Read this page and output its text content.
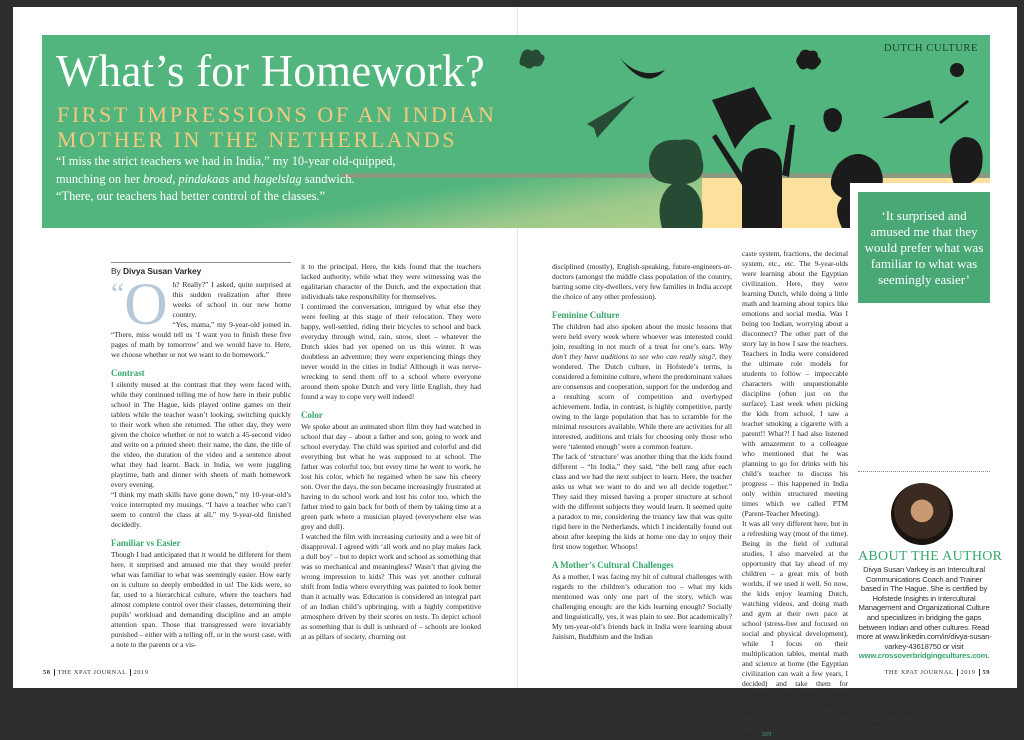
DUTCH CULTURE
What’s for Homework?
FIRST IMPRESSIONS OF AN INDIAN
MOTHER IN THE NETHERLANDS
“I miss the strict teachers we had in India,” my 10-year old-quipped,
munching on her brood, pindakaas and hagelslag sandwich.
“There, our teachers had better control of the classes.”
‘It surprised and amused me that they would prefer what was familiar to what was seemingly easier’
By Divya Susan Varkey
“O h? Really?” I asked, quite surprised at this sudden realization after three weeks of school in our new home country.

“Yes, mama,” my 9-year-old joined in. “There, miss would tell us ‘I want you to finish these five pages of math by tomorrow’ and we would have to. Here, we choose whether or not we want to do homework.”

Contrast

I silently mused at the contrast that they were faced with, while they continued telling me of how here in their public school in The Hague, kids played online games on their tablets while the teacher wasn’t looking, switching quickly to their work when she returned. The other day, they were given the choice whether or not to watch a 45-second video and write on a printed sheet: their name, the date, the title of the video, the duration of the video and a sentence about what they had learnt. Back in India, we were juggling playtime, bath and dinner with sheets of math homework every evening.

“I think my math skills have gone down,” my 10-year-old’s voice interrupted my musings. “I have a teacher who can’t seem to control the class at all,” my 9-year-old finished decidedly.

Familiar vs Easier

Though I had anticipated that it would be different for them here, it surprised and amused me that they would prefer what was familiar to what was seemingly easier. How early on is culture so deeply embedded in us! The kids were, so far, used to a hierarchical culture, where the teachers had almost complete control over their classes, determining their pupils’ workload and demanding discipline and an ample attention span. Those that transgressed were invariably punished – either with a telling off, or in the worst case, with a note to the parents or a vis-

it to the principal. Here, the kids found that the teachers lacked authority, while what they were witnessing was the egalitarian character of the Dutch, and the expectation that individuals take responsibility for themselves.

I continued the conversation, intrigued by what else they were feeling at this stage of their relocation. They were happy, well-settled, riding their bicycles to school and back everyday through wind, rain, snow, sleet – whatever the Dutch skies had yet opened on us this winter. It was doubtless an adventure; they were experiencing things they never would in the cities in India! Although it was nerve-wrecking to send them off to a school where everyone around them spoke Dutch and very little English, they had found a way to cope very well indeed!

Color

We spoke about an animated short film they had watched in school that day – about a father and son, going to work and school everyday. The child was spirited and colorful and did everything but what he was supposed to at school. The father was colorful too, but every time he went to work, he lost his color, which he regained when he saw his cheery son. Over the days, the son became increasingly frustrated at having to do school work and lost his color too, which the father tried to gain back for both of them by taking time at a green park where a musician played (everywhere else was grey and dull).

I watched the film with increasing curiosity and a wee bit of disapproval. I agreed with ‘all work and no play makes Jack a dull boy’ – but to depict work and school as something that was so mechanical and meaningless? Wasn’t that giving the wrong impression to kids? This was yet another cultural shift from India where everything was painted to look better than it actually was. Education is considered an integral part of an Indian child’s upbringing, with a highly competitive atmosphere driven by their scores on tests. To depict school as something that is dull is unheard of – schools are looked at as pillars of society, churning out

disciplined (mostly), English-speaking, future-engineers-or-doctors (amongst the middle class population of the country, barring some city-dwellers, very few families in India accept the choice of any other profession).

Feminine Culture

The children had also spoken about the music lessons that were held every week where whoever was interested could join, resulting in not much of a treat for one’s ears. Why don’t they have auditions to see who can really sing?, they wondered. The Dutch culture, in Hofstede’s terms, is considered a feminine culture, where the predominant values are consensus and cooperation, support for the underdog and a resulting scorn of competition and overhyped achievement. India, in contrast, is highly competitive, partly owing to the large population that has to scramble for the minimal resources available. While there are activities for all interested, auditions and trials for choosing only those who were ‘talented enough’ were a common feature.

The lack of ‘structure’ was another thing that the kids found different – “In India,” they said, “the bell rang after each class and we had the next subject to learn. Here, the teacher asks us what we want to do and we all decide together.” They said they missed having a proper structure at school with the different subjects they would learn. It seemed quite a paradox to me, considering the truancy law that was quite rigid here in the Netherlands, which I incidentally found out about after keeping the kids at home one day to enjoy their first snow together. Whoops!

A Mother’s Cultural Challenges

As a mother, I was facing my bit of cultural challenges with regards to the children’s education too – what my kids mentioned was only one part of the story, which was challenging enough: are the kids learning enough? Socially and linguistically, yes, it was plain to see. But academically? My ten-year-old’s friends back in India were learning about Jainism, Buddhism and the Indian

caste system, fractions, the decimal system, etc., etc. The 9-year-olds were learning about the Egyptian civilization. Here, they were learning Dutch, while doing a little math and learning about topics like emotions and social media. Was I being too Indian, worrying about a disconnect? The other part of the story lay in how I saw the teachers. Teachers in India were considered the ultimate role models for students to follow – impeccable characters with unquestionable discipline (often just on the surface). Last week when picking the kids from school, I saw a teacher smoking a cigarette with a parent!! What?! I had also listened with amazement to a colleague who mentioned that he was planning to go for drinks with his child’s teacher to discuss his progress – this happened in India only within structured meeting times which we called PTM (Parent-Teacher Meeting).

It was all very different here, but in a refreshing way (most of the time). Being in the field of cultural studies, I also marveled at the opportunity that lay ahead of my children – a great mix of both worlds, if we used it well. So now, the kids enjoy learning Dutch, watching videos, and doing math and gym at their own pace at school (stress-free and focused on social and physical development), while I focus on their multiplication tables, mental math and science at home (the Egyptian civilization can wait a few years, I decided) and take them for structured music lessons during weekends. So far, it’s working quite well, but what will happen when they hit their teenage years?...I guess that’s another story for three years from now... XPJ

ABOUT THE AUTHOR
Divya Susan Varkey is an Intercultural Communications Coach and Trainer based in The Hague. She is certified by Hofstede Insights in Intercultural Management and Organizational Culture and specializes in bridging the gaps between Indian and other cultures. Read more at www.linkedin.com/in/divya-susan-varkey-43618750 or visit
www.crossoverbridgingcultures.com.
58 THE XPAT JOURNAL 2019	THE XPAT JOURNAL 2019 59
